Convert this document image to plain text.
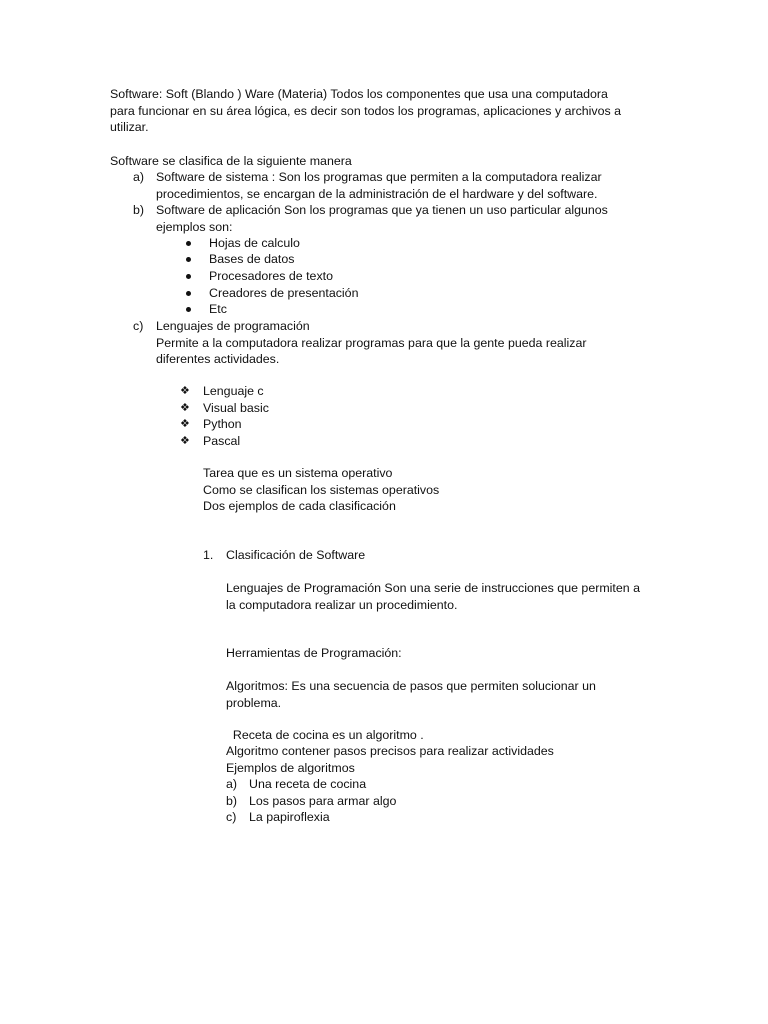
Software: Soft (Blando ) Ware (Materia) Todos los componentes que usa una computadora
para funcionar en su área lógica, es decir son todos los programas, aplicaciones y archivos a
utilizar.
Software se clasifica de la siguiente manera
a) Software de sistema : Son los programas que permiten a la computadora realizar
procedimientos, se encargan de la administración de el hardware y del software.
b) Software de aplicación Son los programas que ya tienen un uso particular algunos
ejemplos son:
Hojas de calculo
Bases de datos
Procesadores de texto
Creadores de presentación
Etc
c) Lenguajes de programación
Permite a la computadora realizar programas para que la gente pueda realizar
diferentes actividades.
❖ Lenguaje c
❖ Visual basic
❖ Python
❖ Pascal
Tarea que es un sistema operativo
Como se clasifican los sistemas operativos
Dos ejemplos de cada clasificación
1. Clasificación de Software
Lenguajes de Programación Son una serie de instrucciones que permiten a
la computadora realizar un procedimiento.
Herramientas de Programación:
Algoritmos: Es una secuencia de pasos que permiten solucionar un
problema.
Receta de cocina es un algoritmo .
Algoritmo contener pasos precisos para realizar actividades
Ejemplos de algoritmos
a) Una receta de cocina
b) Los pasos para armar algo
c) La papiroflexia
